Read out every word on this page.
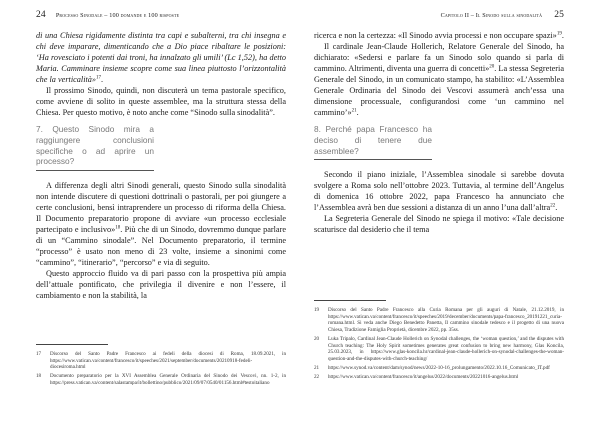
24 Processo Sinodale – 100 domande e 100 risposte

di una Chiesa rigidamente distinta tra capi e subalterni, tra chi insegna e chi deve imparare, dimenticando che a Dio piace ribaltare le posizioni: ‘Ha rovesciato i potenti dai troni, ha innalzato gli umili’ (Lc 1,52), ha detto Maria. Camminare insieme scopre come sua linea piuttosto l’orizzontalità che la verticalità»$^{17}$.

Il prossimo Sinodo, quindi, non discuterà un tema pastorale specifico, come avviene di solito in queste assemblee, ma la struttura stessa della Chiesa. Per questo motivo, è noto anche come “Sinodo sulla sinodalità”.

7. Questo Sinodo mira a raggiungere conclusioni specifiche o ad aprire un processo?

A differenza degli altri Sinodi generali, questo Sinodo sulla sinodalità non intende discutere di questioni dottrinali o pastorali, per poi giungere a certe conclusioni, bensì intraprendere un processo di riforma della Chiesa. Il Documento preparatorio propone di avviare «un processo ecclesiale partecipato e inclusivo»$^{18}$. Più che di un Sinodo, dovremmo dunque parlare di un “Cammino sinodale”. Nel Documento preparatorio, il termine “processo” è usato non meno di 23 volte, insieme a sinonimi come “cammino”, “itinerario”, “percorso” e via di seguito.

Questo approccio fluido va di pari passo con la prospettiva più ampia dell’attuale pontificato, che privilegia il divenire e non l’essere, il cambiamento e non la stabilità, la

17	Discorso del Santo Padre Francesco ai fedeli della diocesi di Roma, 18.09.2021, in https://www.vatican.va/content/francesco/it/speeches/2021/september/documents/20210918-fedeli-diocesiroma.html
18	Documento preparatorio per la XVI Assemblea Generale Ordinaria del Sinodo dei Vescovi, nn. 1-2, in https://press.vatican.va/content/salastampa/it/bollettino/pubblico/2021/09/07/0540/01156.html#testoitaliano
Capitolo II – Il Sinodo sulla sinodalità 25

ricerca e non la certezza: «Il Sinodo avvia processi e non occupare spazi»$^{19}$.

Il cardinale Jean-Claude Hollerich, Relatore Generale del Sinodo, ha dichiarato: «Sedersi e parlare fa un Sinodo solo quando si parla di cammino. Altrimenti, diventa una guerra di concetti»$^{20}$. La stessa Segreteria Generale del Sinodo, in un comunicato stampo, ha stabilito: «L’Assemblea Generale Ordinaria del Sinodo dei Vescovi assumerà anch’essa una dimensione processuale, configurandosi come ‘un cammino nel cammino’»$^{21}$.

8. Perché papa Francesco ha deciso di tenere due assemblee?

Secondo il piano iniziale, l’Assemblea sinodale si sarebbe dovuta svolgere a Roma solo nell’ottobre 2023. Tuttavia, al termine dell’Angelus di domenica 16 ottobre 2022, papa Francesco ha annunciato che l’Assemblea avrà ben due sessioni a distanza di un anno l’una dall’altra$^{22}$.

La Segreteria Generale del Sinodo ne spiega il motivo: «Tale decisione scaturisce dal desiderio che il tema

19	Discorso del Santo Padre Francesco alla Curia Romana per gli auguri di Natale, 21.12.2019, in https://www.vatican.va/content/francesco/it/speeches/2019/december/documents/papa-francesco_20191221_curia-romana.html. Si veda anche Diego Benedetto Panetta, Il cammino sinodale tedesco e il progetto di una nuova Chiesa, Tradizione Famiglia Proprietà, dicembre 2022, pp. 35ss.
20	Luka Tripalo, Cardinal Jean-Claude Hollerich on Synodal challenges, the ‘woman question,’ and the disputes with Church teaching: The Holy Spirit sometimes generates great confusion to bring new harmony, Glas Koncila, 25.03.2023, in https://www.glas-koncila.hr/cardinal-jean-claude-hollerich-on-synodal-challenges-the-woman-question-and-the-disputes-with-church-teaching/
21	https://www.synod.va/content/dam/synod/news/2022-10-16_prolungamento/2022.10.16_Comunicato_IT.pdf
22	https://www.vatican.va/content/francesco/it/angelus/2022/documents/20221016-angelus.html
